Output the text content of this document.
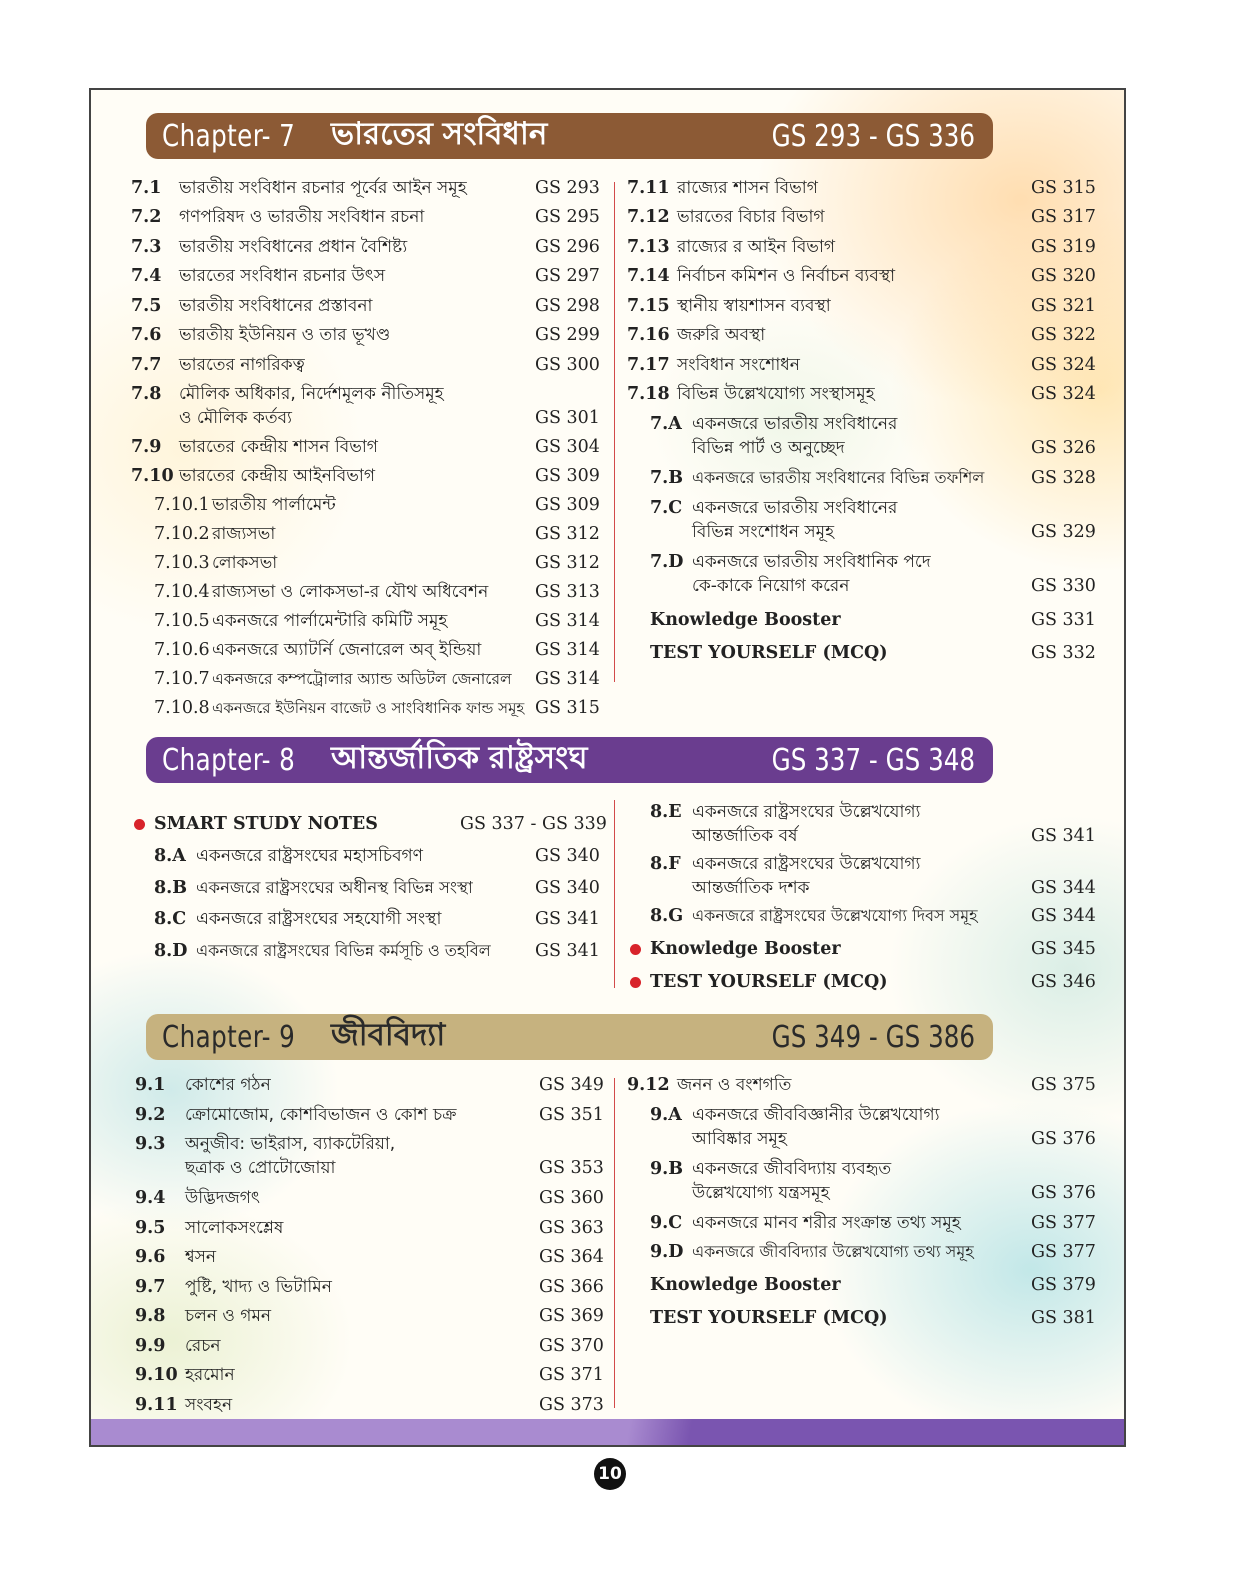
Chapter- 7 ভারতের সংবিধান	GS 293 - GS 336
7.1 ভারতীয় সংবিধান রচনার পূর্বের আইন সমূহ	GS 293
7.2 গণপরিষদ ও ভারতীয় সংবিধান রচনা	GS 295
7.3 ভারতীয় সংবিধানের প্রধান বৈশিষ্ট্য	GS 296
7.4 ভারতের সংবিধান রচনার উৎস	GS 297
7.5 ভারতীয় সংবিধানের প্রস্তাবনা	GS 298
7.6 ভারতীয় ইউনিয়ন ও তার ভূখণ্ড	GS 299
7.7 ভারতের নাগরিকত্ব	GS 300
7.8 মৌলিক অধিকার, নির্দেশমূলক নীতিসমূহ
ও মৌলিক কর্তব্য	GS 301
7.9 ভারতের কেন্দ্রীয় শাসন বিভাগ	GS 304
7.10 ভারতের কেন্দ্রীয় আইনবিভাগ	GS 309
7.10.1 ভারতীয় পার্লামেন্ট	GS 309
7.10.2 রাজ্যসভা	GS 312
7.10.3 লোকসভা	GS 312
7.10.4 রাজ্যসভা ও লোকসভা-র যৌথ অধিবেশন	GS 313
7.10.5 একনজরে পার্লামেন্টারি কমিটি সমূহ	GS 314
7.10.6 একনজরে অ্যাটর্নি জেনারেল অব্ ইন্ডিয়া	GS 314
7.10.7 একনজরে কম্পট্রোলার অ্যান্ড অডিটল জেনারেল GS 314
7.10.8 একনজরে ইউনিয়ন বাজেট ও সাংবিধানিক ফান্ড সমূহ GS 315
7.11 রাজ্যের শাসন বিভাগ	GS 315
7.12 ভারতের বিচার বিভাগ	GS 317
7.13 রাজ্যের র আইন বিভাগ	GS 319
7.14 নির্বাচন কমিশন ও নির্বাচন ব্যবস্থা	GS 320
7.15 স্থানীয় স্বায়শাসন ব্যবস্থা	GS 321
7.16 জরুরি অবস্থা	GS 322
7.17 সংবিধান সংশোধন	GS 324
7.18 বিভিন্ন উল্লেখযোগ্য সংস্থাসমূহ	GS 324
7.A একনজরে ভারতীয় সংবিধানের
বিভিন্ন পার্ট ও অনুচ্ছেদ	GS 326
7.B একনজরে ভারতীয় সংবিধানের বিভিন্ন তফশিল	GS 328
7.C একনজরে ভারতীয় সংবিধানের
বিভিন্ন সংশোধন সমূহ	GS 329
7.D একনজরে ভারতীয় সংবিধানিক পদে
কে-কাকে নিয়োগ করেন	GS 330
Knowledge Booster	GS 331
TEST YOURSELF (MCQ)	GS 332
Chapter- 8 আন্তর্জাতিক রাষ্ট্রসংঘ	GS 337 - GS 348
SMART STUDY NOTES	GS 337 - GS 339
8.A একনজরে রাষ্ট্রসংঘের মহাসচিবগণ	GS 340
8.B একনজরে রাষ্ট্রসংঘের অধীনস্থ বিভিন্ন সংস্থা	GS 340
8.C একনজরে রাষ্ট্রসংঘের সহযোগী সংস্থা	GS 341
8.D একনজরে রাষ্ট্রসংঘের বিভিন্ন কর্মসূচি ও তহবিল	GS 341
8.E একনজরে রাষ্ট্রসংঘের উল্লেখযোগ্য
আন্তর্জাতিক বর্ষ	GS 341
8.F একনজরে রাষ্ট্রসংঘের উল্লেখযোগ্য
আন্তর্জাতিক দশক	GS 344
8.G একনজরে রাষ্ট্রসংঘের উল্লেখযোগ্য দিবস সমূহ	GS 344
Knowledge Booster	GS 345
TEST YOURSELF (MCQ)	GS 346
Chapter- 9 জীববিদ্যা	GS 349 - GS 386
9.1 কোশের গঠন	GS 349
9.2 ক্রোমোজোম, কোশবিভাজন ও কোশ চক্র	GS 351
9.3 অনুজীব: ভাইরাস, ব্যাকটেরিয়া,
ছত্রাক ও প্রোটোজোয়া	GS 353
9.4 উদ্ভিদজগৎ	GS 360
9.5 সালোকসংশ্লেষ	GS 363
9.6 শ্বসন	GS 364
9.7 পুষ্টি, খাদ্য ও ভিটামিন	GS 366
9.8 চলন ও গমন	GS 369
9.9 রেচন	GS 370
9.10 হরমোন	GS 371
9.11 সংবহন	GS 373
9.12 জনন ও বংশগতি	GS 375
9.A একনজরে জীববিজ্ঞানীর উল্লেখযোগ্য
আবিষ্কার সমূহ	GS 376
9.B একনজরে জীববিদ্যায় ব্যবহৃত
উল্লেখযোগ্য যন্ত্রসমূহ	GS 376
9.C একনজরে মানব শরীর সংক্রান্ত তথ্য সমূহ	GS 377
9.D একনজরে জীববিদ্যার উল্লেখযোগ্য তথ্য সমূহ	GS 377
Knowledge Booster	GS 379
TEST YOURSELF (MCQ)	GS 381
10
